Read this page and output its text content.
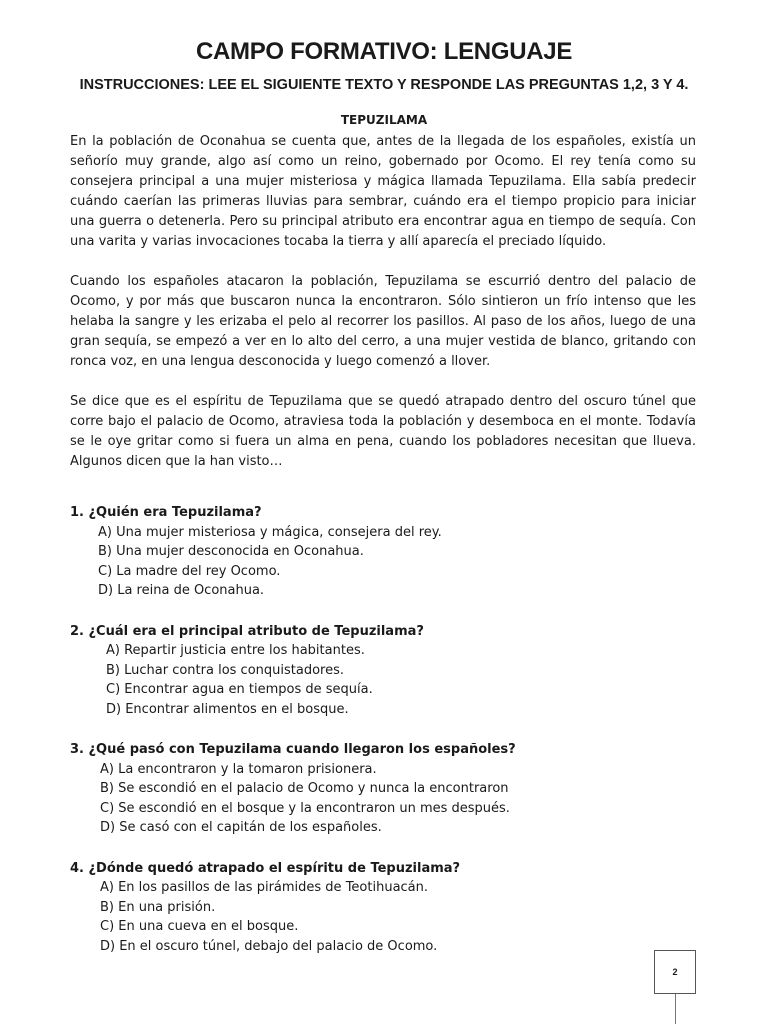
CAMPO FORMATIVO: LENGUAJE

INSTRUCCIONES: LEE EL SIGUIENTE TEXTO Y RESPONDE LAS PREGUNTAS 1,2, 3 Y 4.

TEPUZILAMA

En la población de Oconahua se cuenta que, antes de la llegada de los españoles, existía un señorío muy grande, algo así como un reino, gobernado por Ocomo. El rey tenía como su consejera principal a una mujer misteriosa y mágica llamada Tepuzilama. Ella sabía predecir cuándo caerían las primeras lluvias para sembrar, cuándo era el tiempo propicio para iniciar una guerra o detenerla. Pero su principal atributo era encontrar agua en tiempo de sequía. Con una varita y varias invocaciones tocaba la tierra y allí aparecía el preciado líquido.

Cuando los españoles atacaron la población, Tepuzilama se escurrió dentro del palacio de Ocomo, y por más que buscaron nunca la encontraron. Sólo sintieron un frío intenso que les helaba la sangre y les erizaba el pelo al recorrer los pasillos. Al paso de los años, luego de una gran sequía, se empezó a ver en lo alto del cerro, a una mujer vestida de blanco, gritando con ronca voz, en una lengua desconocida y luego comenzó a llover.

Se dice que es el espíritu de Tepuzilama que se quedó atrapado dentro del oscuro túnel que corre bajo el palacio de Ocomo, atraviesa toda la población y desemboca en el monte. Todavía se le oye gritar como si fuera un alma en pena, cuando los pobladores necesitan que llueva. Algunos dicen que la han visto…

1. ¿Quién era Tepuzilama?

A) Una mujer misteriosa y mágica, consejera del rey.
B) Una mujer desconocida en Oconahua.
C) La madre del rey Ocomo.
D) La reina de Oconahua.

2. ¿Cuál era el principal atributo de Tepuzilama?

A) Repartir justicia entre los habitantes.
B) Luchar contra los conquistadores.
C) Encontrar agua en tiempos de sequía.
D) Encontrar alimentos en el bosque.

3. ¿Qué pasó con Tepuzilama cuando llegaron los españoles?

A) La encontraron y la tomaron prisionera.
B) Se escondió en el palacio de Ocomo y nunca la encontraron
C) Se escondió en el bosque y la encontraron un mes después.
D) Se casó con el capitán de los españoles.

4. ¿Dónde quedó atrapado el espíritu de Tepuzilama?

A) En los pasillos de las pirámides de Teotihuacán.
B) En una prisión.
C) En una cueva en el bosque.
D) En el oscuro túnel, debajo del palacio de Ocomo.
2
